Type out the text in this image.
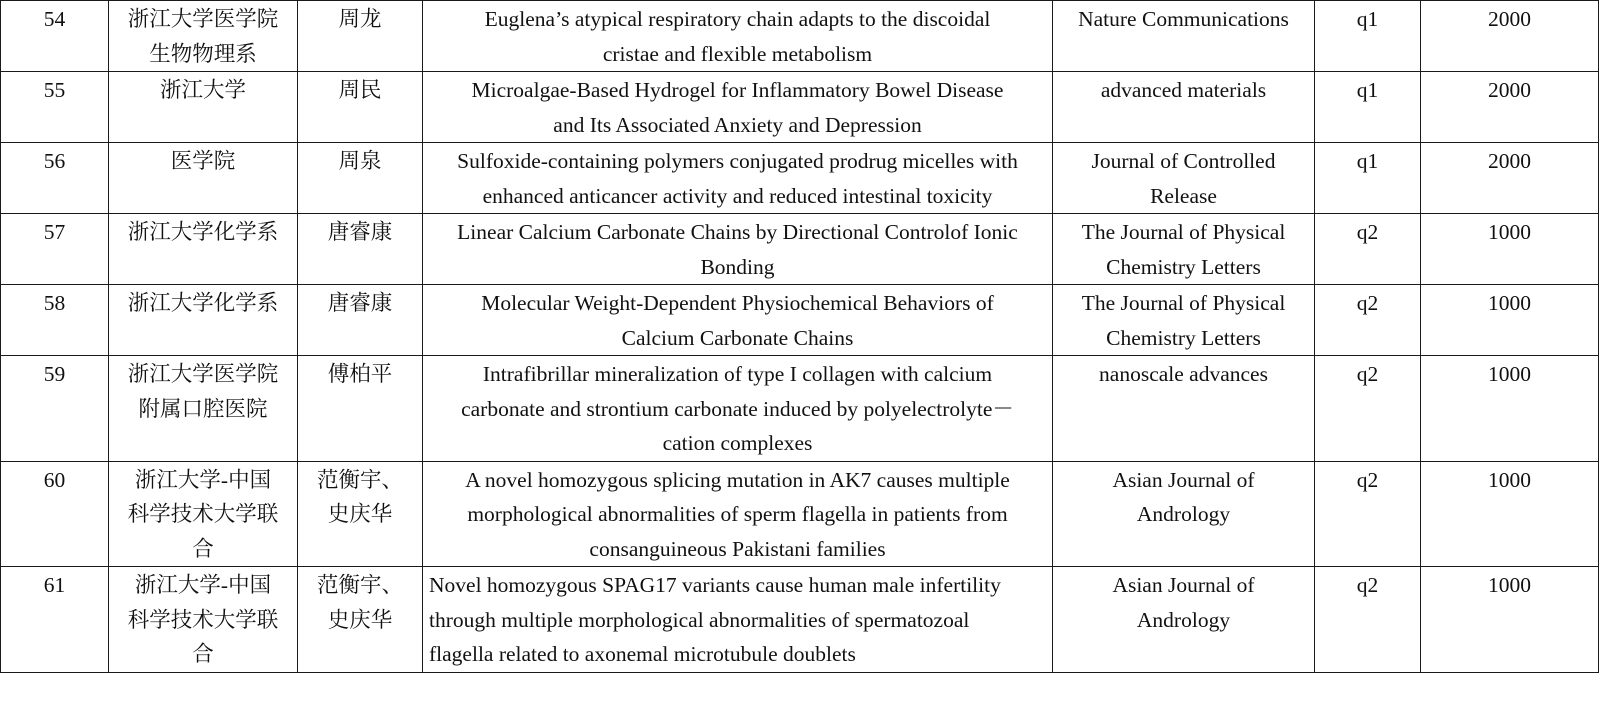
54	浙江大学医学院
生物物理系	周龙	Euglena’s atypical respiratory chain adapts to the discoidal
cristae and flexible metabolism	Nature Communications	q1	2000
55	浙江大学	周民	Microalgae-Based Hydrogel for Inflammatory Bowel Disease
and Its Associated Anxiety and Depression	advanced materials	q1	2000
56	医学院	周泉	Sulfoxide-containing polymers conjugated prodrug micelles with
enhanced anticancer activity and reduced intestinal toxicity	Journal of Controlled
Release	q1	2000
57	浙江大学化学系	唐睿康	Linear Calcium Carbonate Chains by Directional Controlof Ionic
Bonding	The Journal of Physical
Chemistry Letters	q2	1000
58	浙江大学化学系	唐睿康	Molecular Weight-Dependent Physiochemical Behaviors of
Calcium Carbonate Chains	The Journal of Physical
Chemistry Letters	q2	1000
59	浙江大学医学院
附属口腔医院	傅柏平	Intrafibrillar mineralization of type I collagen with calcium
carbonate and strontium carbonate induced by polyelectrolyte－
cation complexes	nanoscale advances	q2	1000
60	浙江大学-中国
科学技术大学联
合	范衡宇、
史庆华	A novel homozygous splicing mutation in AK7 causes multiple
morphological abnormalities of sperm flagella in patients from
consanguineous Pakistani families	Asian Journal of
Andrology	q2	1000
61	浙江大学-中国
科学技术大学联
合	范衡宇、
史庆华	Novel homozygous SPAG17 variants cause human male infertility
through multiple morphological abnormalities of spermatozoal
flagella related to axonemal microtubule doublets	Asian Journal of
Andrology	q2	1000
